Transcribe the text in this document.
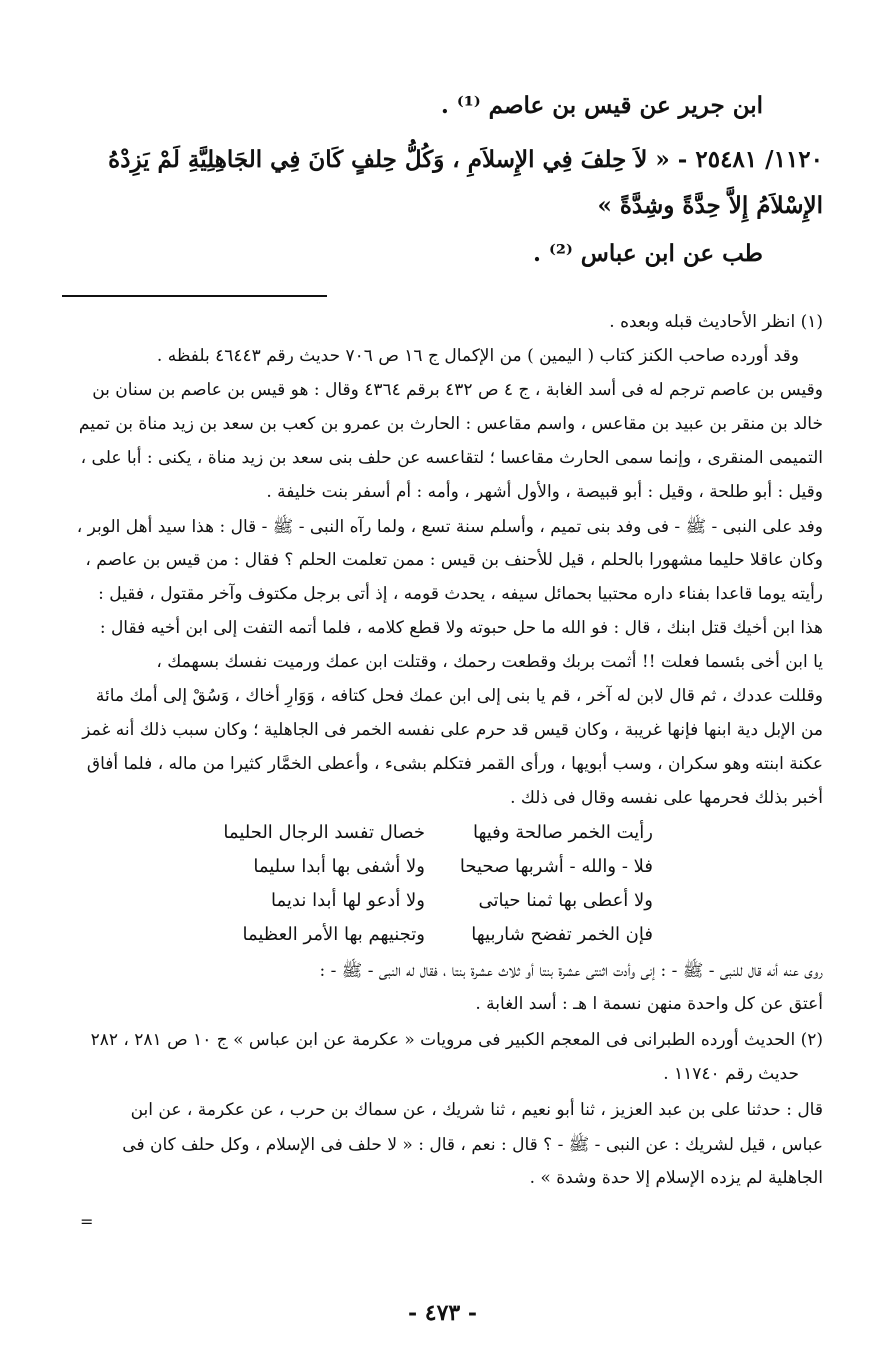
ابن جرير عن قيس بن عاصم ⁽¹⁾ .
١١٢٠/ ٢٥٤٨١ - « لاَ حِلفَ فِي الإِسلاَمِ ، وَكُلُّ حِلفٍ كَانَ فِي الجَاهِلِيَّةِ لَمْ يَزِدْهُ
الإِسْلاَمُ إِلاَّ حِدَّةً وشِدَّةً »
طب عن ابن عباس ⁽²⁾ .
(١) انظر الأحاديث قبله وبعده .
وقد أورده صاحب الكنز كتاب ( اليمين ) من الإكمال ج ١٦ ص ٧٠٦ حديث رقم ٤٦٤٤٣ بلفظه .
وقيس بن عاصم ترجم له فى أسد الغابة ، ج ٤ ص ٤٣٢ برقم ٤٣٦٤ وقال : هو قيس بن عاصم بن سنان بن
خالد بن منقر بن عبيد بن مقاعس ، واسم مقاعس : الحارث بن عمرو بن كعب بن سعد بن زيد مناة بن تميم
التميمى المنقرى ، وإنما سمى الحارث مقاعسا ؛ لتقاعسه عن حلف بنى سعد بن زيد مناة ، يكنى : أبا على ،
وقيل : أبو طلحة ، وقيل : أبو قبيصة ، والأول أشهر ، وأمه : أم أسفر بنت خليفة .
وفد على النبى - ﷺ - فى وفد بنى تميم ، وأسلم سنة تسع ، ولما رآه النبى - ﷺ - قال : هذا سيد أهل الوبر ،
وكان عاقلا حليما مشهورا بالحلم ، قيل للأحنف بن قيس : ممن تعلمت الحلم ؟ فقال : من قيس بن عاصم ،
رأيته يوما قاعدا بفناء داره محتبيا بحمائل سيفه ، يحدث قومه ، إذ أتى برجل مكتوف وآخر مقتول ، فقيل :
هذا ابن أخيك قتل ابنك ، قال : فو الله ما حل حبوته ولا قطع كلامه ، فلما أتمه التفت إلى ابن أخيه فقال :
يا ابن أخى بئسما فعلت !! أثمت بربك وقطعت رحمك ، وقتلت ابن عمك ورميت نفسك بسهمك ،
وقللت عددك ، ثم قال لابن له آخر ، قم يا بنى إلى ابن عمك فحل كتافه ، وَوَارِ أخاك ، وَسُقْ إلى أمك مائة
من الإبل دية ابنها فإنها غريبة ، وكان قيس قد حرم على نفسه الخمر فى الجاهلية ؛ وكان سبب ذلك أنه غمز
عكنة ابنته وهو سكران ، وسب أبويها ، ورأى القمر فتكلم بشىء ، وأعطى الخمَّار كثيرا من ماله ، فلما أفاق
أخبر بذلك فحرمها على نفسه وقال فى ذلك .
رأيت الخمر صالحة وفيها
خصال تفسد الرجال الحليما
فلا - والله - أشربها صحيحا
ولا أشفى بها أبدا سليما
ولا أعطى بها ثمنا حياتى
ولا أدعو لها أبدا نديما
فإن الخمر تفضح شاربيها
وتجنيهم بها الأمر العظيما
روى عنه أنه قال للنبى - ﷺ - : إنى وأدت اثنتى عشرة بنتا أو ثلاث عشرة بنتا ، فقال له النبى - ﷺ - :
أعتق عن كل واحدة منهن نسمة ا هـ : أسد الغابة .
(٢) الحديث أورده الطبرانى فى المعجم الكبير فى مرويات « عكرمة عن ابن عباس » ج ١٠ ص ٢٨١ ، ٢٨٢
حديث رقم ١١٧٤٠ .
قال : حدثنا على بن عبد العزيز ، ثنا أبو نعيم ، ثنا شريك ، عن سماك بن حرب ، عن عكرمة ، عن ابن
عباس ، قيل لشريك : عن النبى - ﷺ - ؟ قال : نعم ، قال : « لا حلف فى الإسلام ، وكل حلف كان فى
الجاهلية لم يزده الإسلام إلا حدة وشدة » .
=
- ٤٧٣ -
